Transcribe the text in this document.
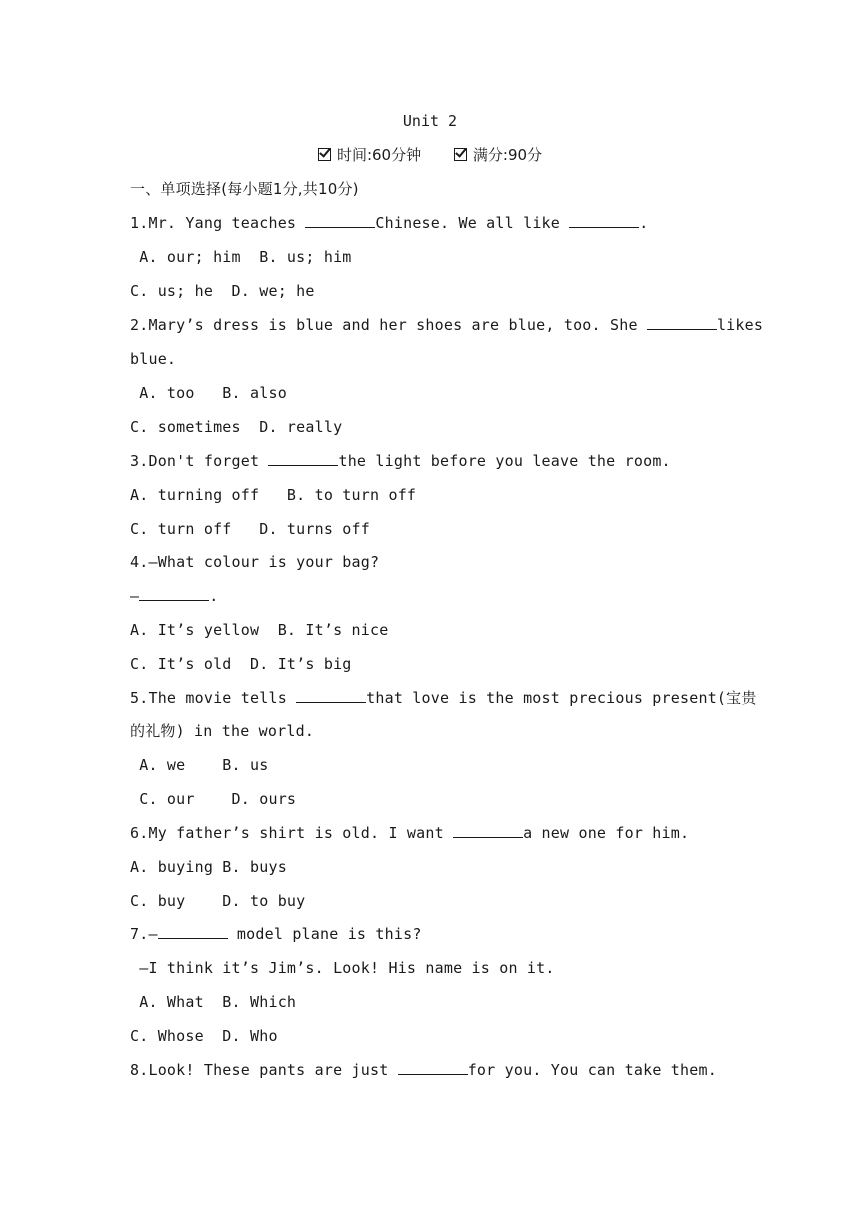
Unit 2
时间:60分钟	满分:90分
一、单项选择(每小题1分,共10分)
1.Mr. Yang teaches	Chinese. We all like	.
A. our; him  B. us; him
C. us; he  D. we; he
2.Mary’s dress is blue and her shoes are blue, too. She	likes
blue.
A. too   B. also
C. sometimes  D. really
3.Don't forget	the light before you leave the room.
A. turning off   B. to turn off
C. turn off   D. turns off
4.—What colour is your bag?
—	.
A. It’s yellow  B. It’s nice
C. It’s old  D. It’s big
5.The movie tells	that love is the most precious present(宝贵
的礼物) in the world.
A. we    B. us
C. our    D. ours
6.My father’s shirt is old. I want	a new one for him.
A. buying B. buys
C. buy    D. to buy
7.—	model plane is this?
—I think it’s Jim’s. Look! His name is on it.
A. What  B. Which
C. Whose  D. Who
8.Look! These pants are just	for you. You can take them.
